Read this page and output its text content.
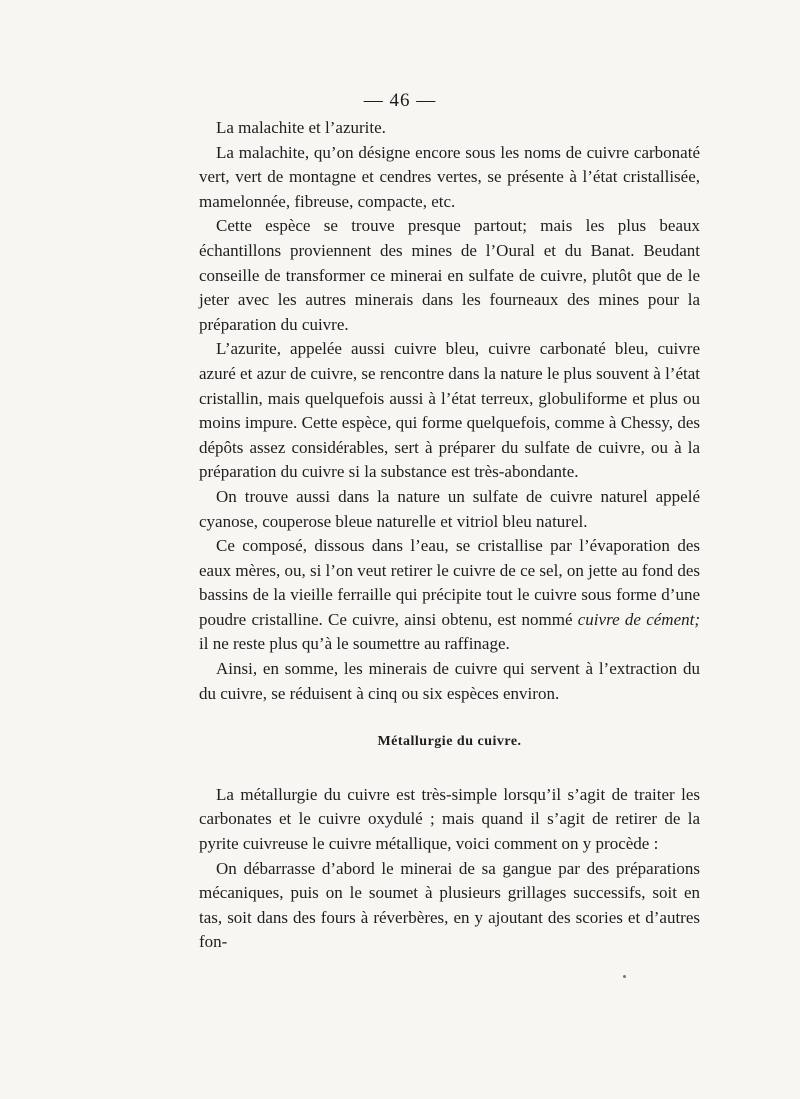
— 46 —

La malachite et l’azurite.

La malachite, qu’on désigne encore sous les noms de cuivre carbonaté vert, vert de montagne et cendres vertes, se présente à l’état cristallisée, mamelonnée, fibreuse, compacte, etc.

Cette espèce se trouve presque partout; mais les plus beaux échantillons proviennent des mines de l’Oural et du Banat. Beudant conseille de transformer ce minerai en sulfate de cuivre, plutôt que de le jeter avec les autres minerais dans les fourneaux des mines pour la préparation du cuivre.

L’azurite, appelée aussi cuivre bleu, cuivre carbonaté bleu, cuivre azuré et azur de cuivre, se rencontre dans la nature le plus souvent à l’état cristallin, mais quelquefois aussi à l’état terreux, globuliforme et plus ou moins impure. Cette espèce, qui forme quelquefois, comme à Chessy, des dépôts assez considérables, sert à préparer du sulfate de cuivre, ou à la préparation du cuivre si la substance est très-abondante.

On trouve aussi dans la nature un sulfate de cuivre naturel appelé cyanose, couperose bleue naturelle et vitriol bleu naturel.

Ce composé, dissous dans l’eau, se cristallise par l’évaporation des eaux mères, ou, si l’on veut retirer le cuivre de ce sel, on jette au fond des bassins de la vieille ferraille qui précipite tout le cuivre sous forme d’une poudre cristalline. Ce cuivre, ainsi obtenu, est nommé cuivre de cément; il ne reste plus qu’à le soumettre au raffinage.

Ainsi, en somme, les minerais de cuivre qui servent à l’extraction du du cuivre, se réduisent à cinq ou six espèces environ.

Métallurgie du cuivre.

La métallurgie du cuivre est très-simple lorsqu’il s’agit de traiter les carbonates et le cuivre oxydulé ; mais quand il s’agit de retirer de la pyrite cuivreuse le cuivre métallique, voici comment on y procède :

On débarrasse d’abord le minerai de sa gangue par des préparations mécaniques, puis on le soumet à plusieurs grillages successifs, soit en tas, soit dans des fours à réverbères, en y ajoutant des scories et d’autres fon-
